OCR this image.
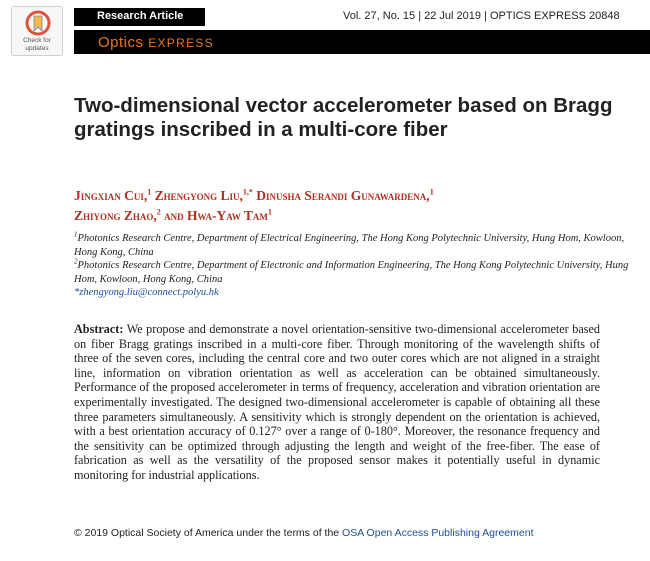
Check for
updates
Research Article	Vol. 27, No. 15 | 22 Jul 2019 | OPTICS EXPRESS 20848
Optics EXPRESS
Two-dimensional vector accelerometer based on Bragg gratings inscribed in a multi-core fiber
Jingxian Cui,$^1$ Zhengyong Liu,$^{1,*}$ Dinusha Serandi Gunawardena,$^1$
Zhiyong Zhao,$^2$ and Hwa-Yaw Tam$^1$
$^1$Photonics Research Centre, Department of Electrical Engineering, The Hong Kong Polytechnic University, Hung Hom, Kowloon, Hong Kong, China
$^2$Photonics Research Centre, Department of Electronic and Information Engineering, The Hong Kong Polytechnic University, Hung Hom, Kowloon, Hong Kong, China
*zhengyong.liu@connect.polyu.hk

Abstract: We propose and demonstrate a novel orientation-sensitive two-dimensional accelerometer based on fiber Bragg gratings inscribed in a multi-core fiber. Through monitoring of the wavelength shifts of three of the seven cores, including the central core and two outer cores which are not aligned in a straight line, information on vibration orientation as well as acceleration can be obtained simultaneously. Performance of the proposed accelerometer in terms of frequency, acceleration and vibration orientation are experimentally investigated. The designed two-dimensional accelerometer is capable of obtaining all these three parameters simultaneously. A sensitivity which is strongly dependent on the orientation is achieved, with a best orientation accuracy of 0.127° over a range of 0-180°. Moreover, the resonance frequency and the sensitivity can be optimized through adjusting the length and weight of the free-fiber. The ease of fabrication as well as the versatility of the proposed sensor makes it potentially useful in dynamic monitoring for industrial applications.

© 2019 Optical Society of America under the terms of the OSA Open Access Publishing Agreement
